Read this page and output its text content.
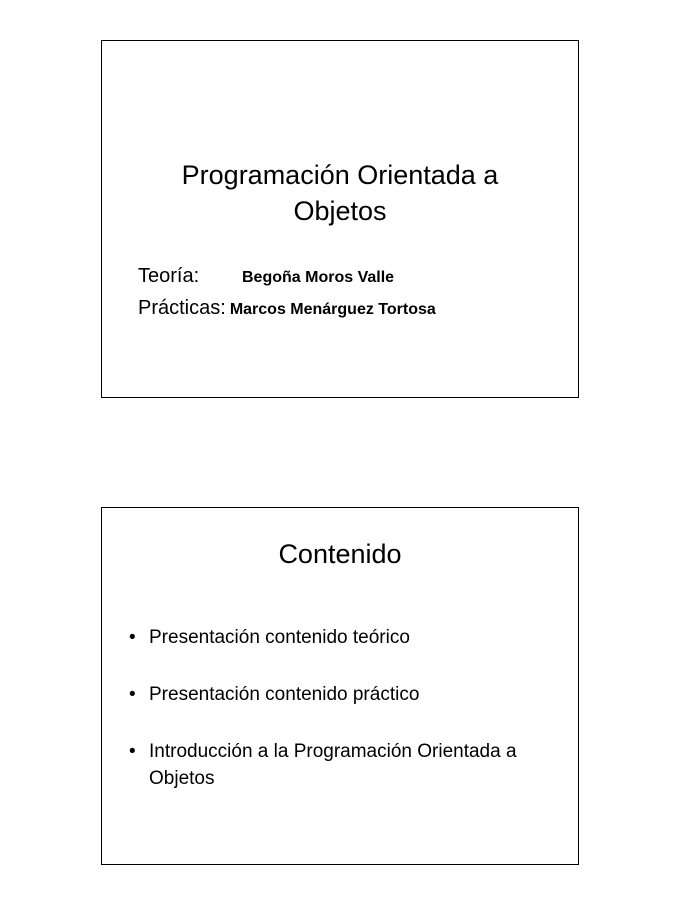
Programación Orientada a
Objetos
Teoría:	Begoña Moros Valle
Prácticas: Marcos Menárguez Tortosa
Contenido
• Presentación contenido teórico
• Presentación contenido práctico
• Introducción a la Programación Orientada a Objetos
